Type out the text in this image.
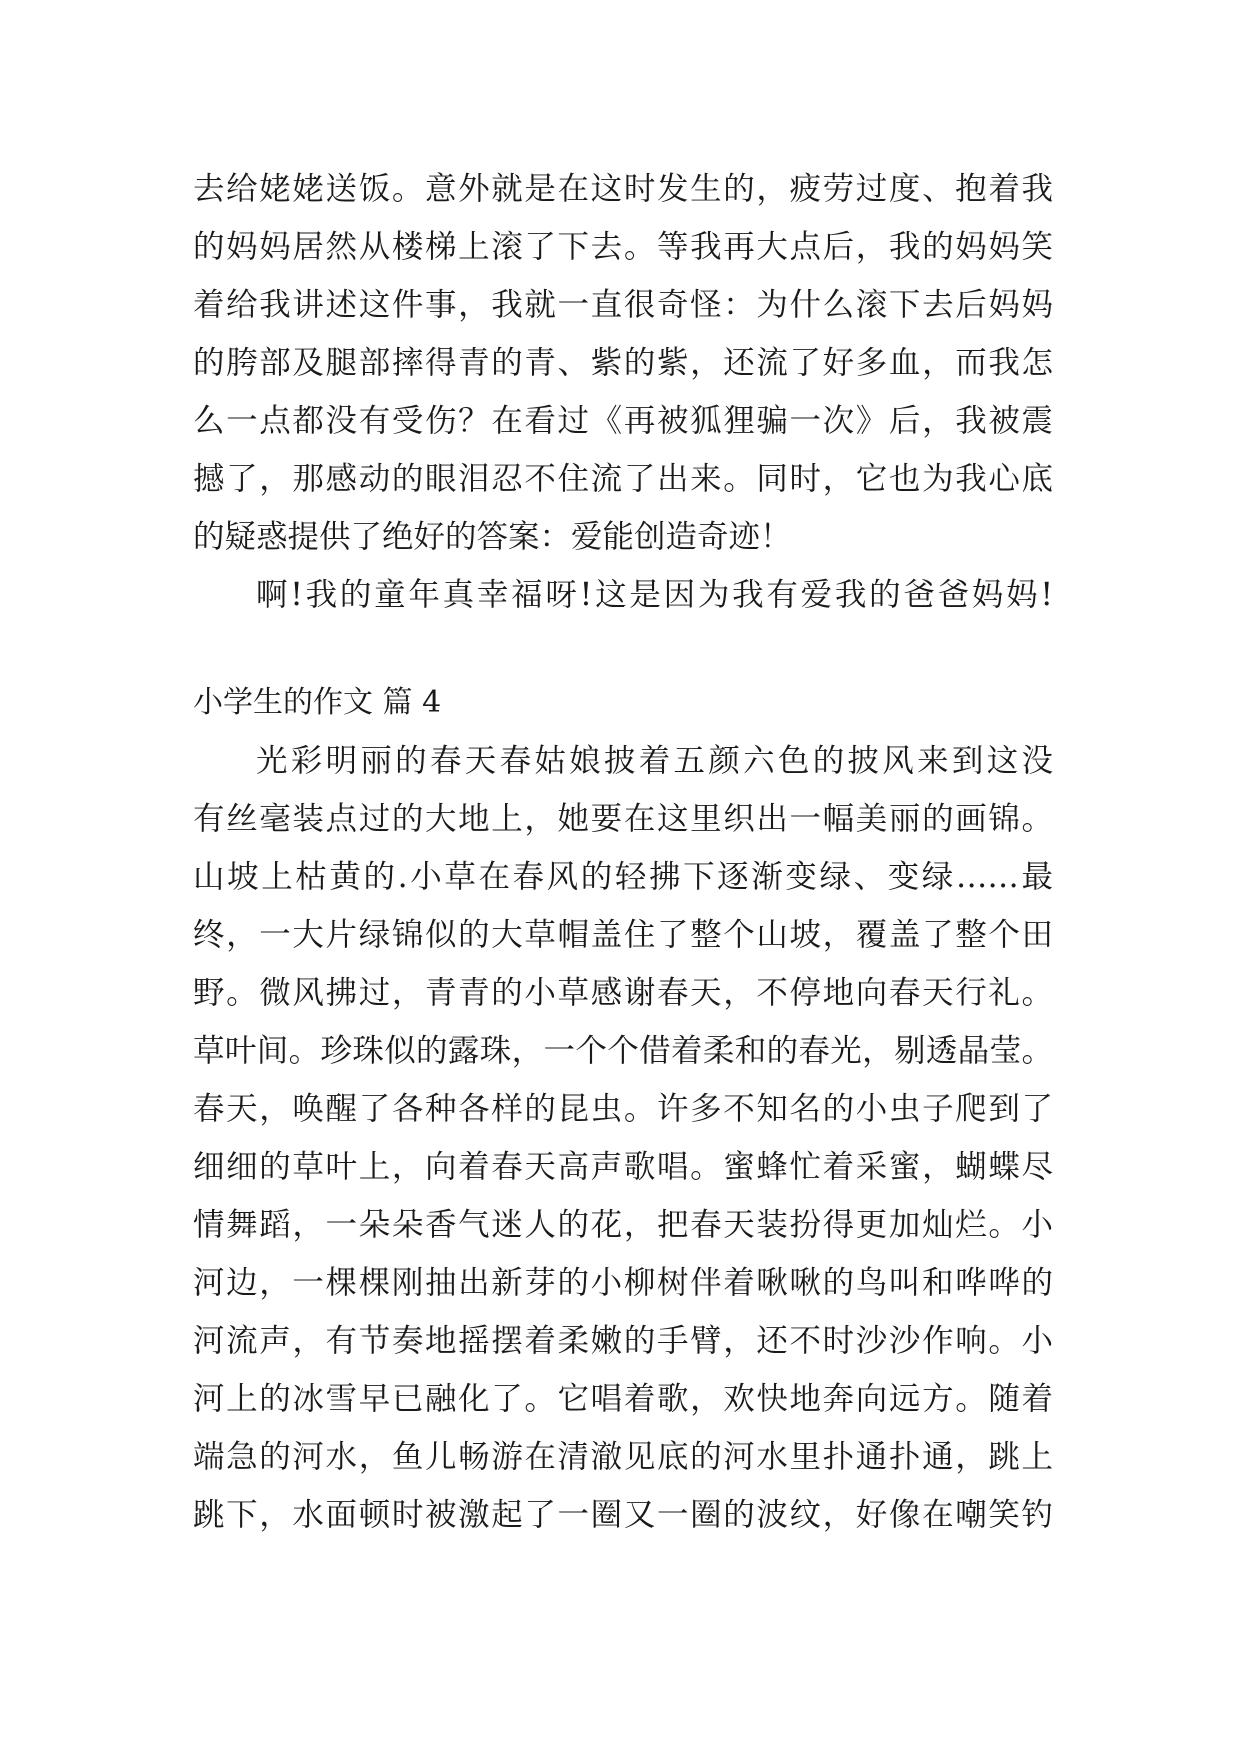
去给姥姥送饭。意外就是在这时发生的，疲劳过度、抱着我
的妈妈居然从楼梯上滚了下去。等我再大点后，我的妈妈笑
着给我讲述这件事，我就一直很奇怪：为什么滚下去后妈妈
的胯部及腿部摔得青的青、紫的紫，还流了好多血，而我怎
么一点都没有受伤？在看过《再被狐狸骗一次》后，我被震
撼了，那感动的眼泪忍不住流了出来。同时，它也为我心底
的疑惑提供了绝好的答案：爱能创造奇迹！
啊!我的童年真幸福呀!这是因为我有爱我的爸爸妈妈!
小学生的作文 篇 4
光彩明丽的春天春姑娘披着五颜六色的披风来到这没
有丝毫装点过的大地上，她要在这里织出一幅美丽的画锦。
山坡上枯黄的.小草在春风的轻拂下逐渐变绿、变绿……最
终，一大片绿锦似的大草帽盖住了整个山坡，覆盖了整个田
野。微风拂过，青青的小草感谢春天，不停地向春天行礼。
草叶间。珍珠似的露珠，一个个借着柔和的春光，剔透晶莹。
春天，唤醒了各种各样的昆虫。许多不知名的小虫子爬到了
细细的草叶上，向着春天高声歌唱。蜜蜂忙着采蜜，蝴蝶尽
情舞蹈，一朵朵香气迷人的花，把春天装扮得更加灿烂。小
河边，一棵棵刚抽出新芽的小柳树伴着啾啾的鸟叫和哗哗的
河流声，有节奏地摇摆着柔嫩的手臂，还不时沙沙作响。小
河上的冰雪早已融化了。它唱着歌，欢快地奔向远方。随着
端急的河水，鱼儿畅游在清澈见底的河水里扑通扑通，跳上
跳下，水面顿时被激起了一圈又一圈的波纹，好像在嘲笑钓
